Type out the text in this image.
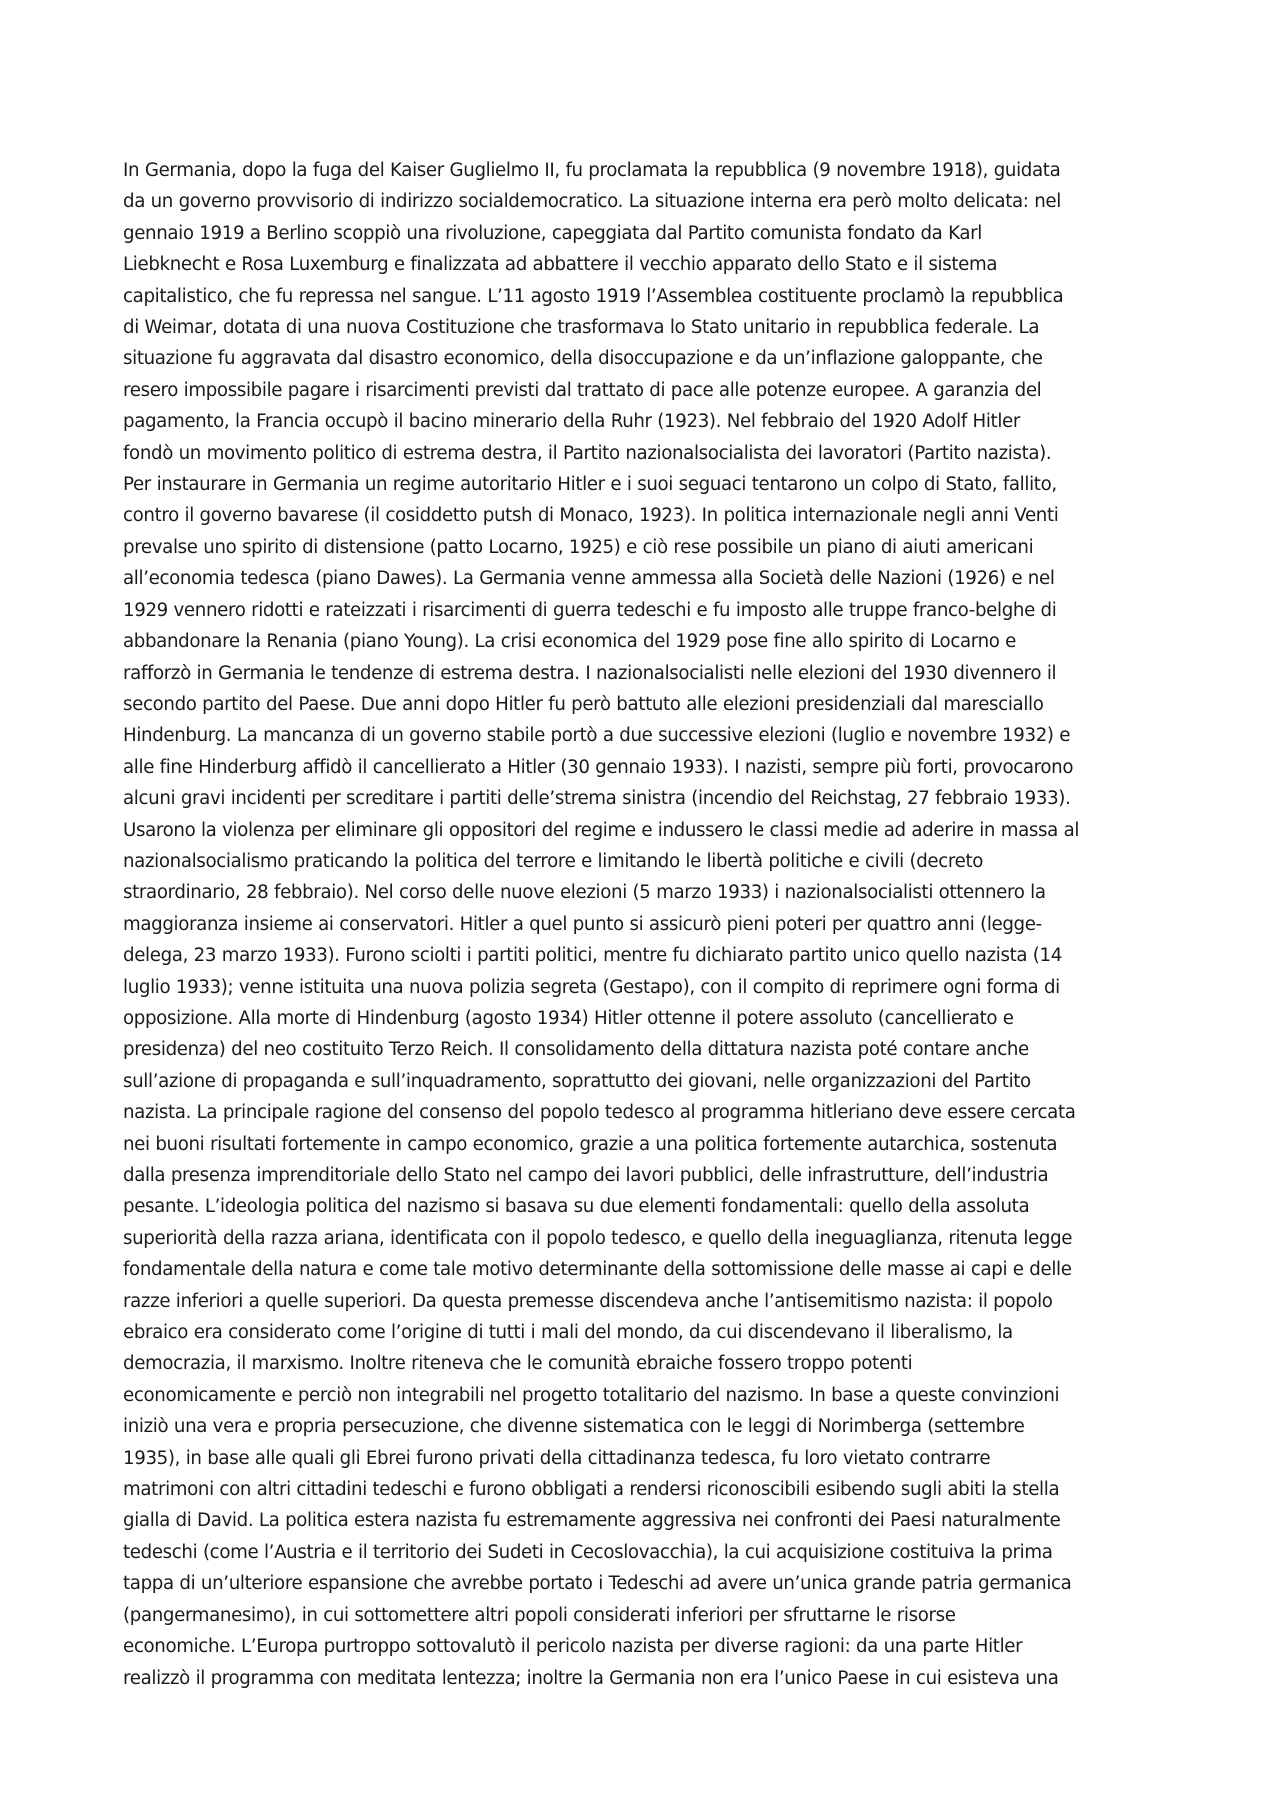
In Germania, dopo la fuga del Kaiser Guglielmo II, fu proclamata la repubblica (9 novembre 1918), guidata
da un governo provvisorio di indirizzo socialdemocratico. La situazione interna era però molto delicata: nel
gennaio 1919 a Berlino scoppiò una rivoluzione, capeggiata dal Partito comunista fondato da Karl
Liebknecht e Rosa Luxemburg e finalizzata ad abbattere il vecchio apparato dello Stato e il sistema
capitalistico, che fu repressa nel sangue. L’11 agosto 1919 l’Assemblea costituente proclamò la repubblica
di Weimar, dotata di una nuova Costituzione che trasformava lo Stato unitario in repubblica federale. La
situazione fu aggravata dal disastro economico, della disoccupazione e da un’inflazione galoppante, che
resero impossibile pagare i risarcimenti previsti dal trattato di pace alle potenze europee. A garanzia del
pagamento, la Francia occupò il bacino minerario della Ruhr (1923). Nel febbraio del 1920 Adolf Hitler
fondò un movimento politico di estrema destra, il Partito nazionalsocialista dei lavoratori (Partito nazista).
Per instaurare in Germania un regime autoritario Hitler e i suoi seguaci tentarono un colpo di Stato, fallito,
contro il governo bavarese (il cosiddetto putsh di Monaco, 1923). In politica internazionale negli anni Venti
prevalse uno spirito di distensione (patto Locarno, 1925) e ciò rese possibile un piano di aiuti americani
all’economia tedesca (piano Dawes). La Germania venne ammessa alla Società delle Nazioni (1926) e nel
1929 vennero ridotti e rateizzati i risarcimenti di guerra tedeschi e fu imposto alle truppe franco-belghe di
abbandonare la Renania (piano Young). La crisi economica del 1929 pose fine allo spirito di Locarno e
rafforzò in Germania le tendenze di estrema destra. I nazionalsocialisti nelle elezioni del 1930 divennero il
secondo partito del Paese. Due anni dopo Hitler fu però battuto alle elezioni presidenziali dal maresciallo
Hindenburg. La mancanza di un governo stabile portò a due successive elezioni (luglio e novembre 1932) e
alle fine Hinderburg affidò il cancellierato a Hitler (30 gennaio 1933). I nazisti, sempre più forti, provocarono
alcuni gravi incidenti per screditare i partiti delle’strema sinistra (incendio del Reichstag, 27 febbraio 1933).
Usarono la violenza per eliminare gli oppositori del regime e indussero le classi medie ad aderire in massa al
nazionalsocialismo praticando la politica del terrore e limitando le libertà politiche e civili (decreto
straordinario, 28 febbraio). Nel corso delle nuove elezioni (5 marzo 1933) i nazionalsocialisti ottennero la
maggioranza insieme ai conservatori. Hitler a quel punto si assicurò pieni poteri per quattro anni (legge-
delega, 23 marzo 1933). Furono sciolti i partiti politici, mentre fu dichiarato partito unico quello nazista (14
luglio 1933); venne istituita una nuova polizia segreta (Gestapo), con il compito di reprimere ogni forma di
opposizione. Alla morte di Hindenburg (agosto 1934) Hitler ottenne il potere assoluto (cancellierato e
presidenza) del neo costituito Terzo Reich. Il consolidamento della dittatura nazista poté contare anche
sull’azione di propaganda e sull’inquadramento, soprattutto dei giovani, nelle organizzazioni del Partito
nazista. La principale ragione del consenso del popolo tedesco al programma hitleriano deve essere cercata
nei buoni risultati fortemente in campo economico, grazie a una politica fortemente autarchica, sostenuta
dalla presenza imprenditoriale dello Stato nel campo dei lavori pubblici, delle infrastrutture, dell’industria
pesante. L’ideologia politica del nazismo si basava su due elementi fondamentali: quello della assoluta
superiorità della razza ariana, identificata con il popolo tedesco, e quello della ineguaglianza, ritenuta legge
fondamentale della natura e come tale motivo determinante della sottomissione delle masse ai capi e delle
razze inferiori a quelle superiori. Da questa premesse discendeva anche l’antisemitismo nazista: il popolo
ebraico era considerato come l’origine di tutti i mali del mondo, da cui discendevano il liberalismo, la
democrazia, il marxismo. Inoltre riteneva che le comunità ebraiche fossero troppo potenti
economicamente e perciò non integrabili nel progetto totalitario del nazismo. In base a queste convinzioni
iniziò una vera e propria persecuzione, che divenne sistematica con le leggi di Norimberga (settembre
1935), in base alle quali gli Ebrei furono privati della cittadinanza tedesca, fu loro vietato contrarre
matrimoni con altri cittadini tedeschi e furono obbligati a rendersi riconoscibili esibendo sugli abiti la stella
gialla di David. La politica estera nazista fu estremamente aggressiva nei confronti dei Paesi naturalmente
tedeschi (come l’Austria e il territorio dei Sudeti in Cecoslovacchia), la cui acquisizione costituiva la prima
tappa di un’ulteriore espansione che avrebbe portato i Tedeschi ad avere un’unica grande patria germanica
(pangermanesimo), in cui sottomettere altri popoli considerati inferiori per sfruttarne le risorse
economiche. L’Europa purtroppo sottovalutò il pericolo nazista per diverse ragioni: da una parte Hitler
realizzò il programma con meditata lentezza; inoltre la Germania non era l’unico Paese in cui esisteva una
